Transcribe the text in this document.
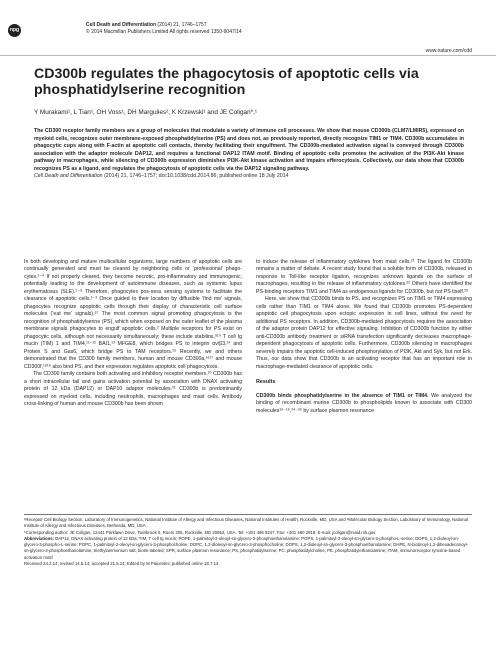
npg
Cell Death and Differentiation (2014) 21, 1746–1757
© 2014 Macmillan Publishers Limited All rights reserved 1350-9047/14
www.nature.com/cdd
CD300b regulates the phagocytosis of apoptotic cells via phosphatidylserine recognition
Y Murakami¹, L Tian¹, OH Voss¹, DH Margulies², K Krzewski¹ and JE Coligan*,¹

The CD300 receptor family members are a group of molecules that modulate a variety of immune cell processes. We show that mouse CD300b (CLM7/LMIR5), expressed on myeloid cells, recognizes outer membrane-exposed phosphatidylserine (PS) and does not, as previously reported, directly recognize TIM1 or TIM4. CD300b accumulates in phagocytic cups along with F-actin at apoptotic cell contacts, thereby facilitating their engulfment. The CD300b-mediated activation signal is conveyed through CD300b association with the adaptor molecule DAP12, and requires a functional DAP12 ITAM motif. Binding of apoptotic cells promotes the activation of the PI3K-Akt kinase pathway in macrophages, while silencing of CD300b expression diminishes PI3K-Akt kinase activation and impairs efferocytosis. Collectively, our data show that CD300b recognizes PS as a ligand, and regulates the phagocytosis of apoptotic cells via the DAP12 signaling pathway.

Cell Death and Differentiation (2014) 21, 1746–1757; doi:10.1038/cdd.2014.86; published online 18 July 2014

In both developing and mature multicellular organisms, large numbers of apoptotic cells are continually generated and must be cleared by neighboring cells or ‘professional’ phago-cytes.¹⁻⁴ If not properly cleared, they become necrotic, pro-inflammatory and immunogenic, potentially leading to the development of autoimmune diseases, such as systemic lupus erythematosus (SLE).⁵⁻⁸ Therefore, phagocytes pos-sess sensing systems to facilitate the clearance of apoptotic cells.¹⁻³ Once guided to their location by diffusible ‘find me’ signals, phagocytes recognize apoptotic cells through their display of characteristic cell surface molecules (‘eat me’ signals).⁶⁷ The most common signal promoting phagocytosis is the recognition of phosphatidylserine (PS), which when exposed on the outer leaflet of the plasma membrane signals phagocytes to engulf apoptotic cells.² Multiple receptors for PS exist on phagocytic cells, although not necessarily simultaneously; these include stabilins,⁹¹⁰ T cell Ig mucin (TIM) 1 and TIM4,¹¹⁻¹² BAI1,¹³ MFGE8, which bridges PS to integrin αv/β3,¹⁴ and Protein S and Gas6, which bridge PS to TAM receptors.¹⁵ Recently, we and others demonstrated that the CD300 family members, human and mouse CD300a,¹⁶¹⁷ and mouse CD300f,¹⁸¹⁹ also bind PS, and their expression regulates apoptotic cell phagocytosis.

The CD300 family contains both activating and inhibitory receptor members.²⁰ CD300b has a short intracellular tail and gains activation potential by association with DNAX activating protein of 12 kDa (DAP12) or DAP10 adaptor molecules.²¹ CD300b is predominantly expressed on myeloid cells, including neutrophils, macrophages and mast cells. Antibody cross-linking of human and mouse CD300b has been shown

to induce the release of inflammatory cytokines from mast cells.²¹ The ligand for CD300b remains a matter of debate. A recent study found that a soluble form of CD300b, released in response to Toll-like receptor ligation, recognizes unknown ligands on the surface of macrophages, resulting in the release of inflammatory cytokines.²² Others have identified the PS-binding receptors TIM1 and TIM4 as endogenous ligands for CD300b, but not PS itself.²³

Here, we show that CD300b binds to PS, and recognizes PS on TIM1 or TIM4 expressing cells rather than TIM1 or TIM4 alone. We found that CD300b promotes PS-dependent apoptotic cell phagocytosis upon ectopic expression in cell lines, without the need for additional PS receptors. In addition, CD300b-mediated phagocytosis requires the association of the adaptor protein DAP12 for effective signaling. Inhibition of CD300b function by either anti-CD300b antibody treatment or siRNA transfection significantly decreases macrophage-dependent phagocytosis of apoptotic cells. Furthermore, CD300b silencing in macrophages severely impairs the apoptotic cell-induced phosphorylation of PI3K, Akt and Syk, but not Erk. Thus, our data show that CD300b is an activating receptor that has an important role in macrophage-mediated clearance of apoptotic cells.

Results

CD300b binds phosphatidylserine in the absence of TIM1 or TIM4. We analyzed the binding of recombinant murine CD300b to phospholipids known to associate with CD300 molecules¹⁶⁻¹⁹,²⁴⁻²⁶ by surface plasmon resonance

¹Receptor Cell Biology Section, Laboratory of Immunogenetics, National Institute of Allergy and Infectious Diseases, National Institutes of Health, Rockville, MD, USA and ²Molecular Biology Section, Laboratory of Immunology, National Institute of Allergy and Infectious Diseases, Bethesda, MD, USA

*Corresponding author: JE Coligan, 12441 Parklawn Drive, Twinbrook II, Room 205, Rockville, MD 20852, USA. Tel: +301 496 8247; Fax: +301 480 2818; E-mail: jcoligan@niaid.nih.gov

Abbreviations: DAP12, DNAX activating protein of 12 kDa; TIM, T cell Ig mucin; POPE, 1-palmitoyl-2-oleoyl-sn-glycero-3-phosphoethanolamine; POPS, 1-palmitoyl-2-oleoyl-sn-glycero-3-phospho-L-serine; DOPS, 1,2-dioleoyl-sn-glycero-3-phospho-L-serine; POPC, 1-palmitoyl-2-oleoyl-sn-glycero-3-phosphocholine; DOPC, 1,2-dioleoyl-sn-glycero-3-phosphocholine; DOPS, 1,2-dioleoyl-sn-glycero-3-phosphoethanolamine; DHPE, N-biotinoyl-1,2-dihexadecanoyl-sn-glycero-3-phosphoethanolamine, triethylammonium salt, biotin-labeled; SPR, surface plasmon resonance; PS, phosphatidylserine; PC, phosphatidylcholine; PE, phosphatidylethanolamine; ITAM, immunoreceptor tyrosine-based activation motif

Received 24.2.14; revised 14.5.14; accepted 21.5.14; Edited by M Piacentini; published online 18.7.14
